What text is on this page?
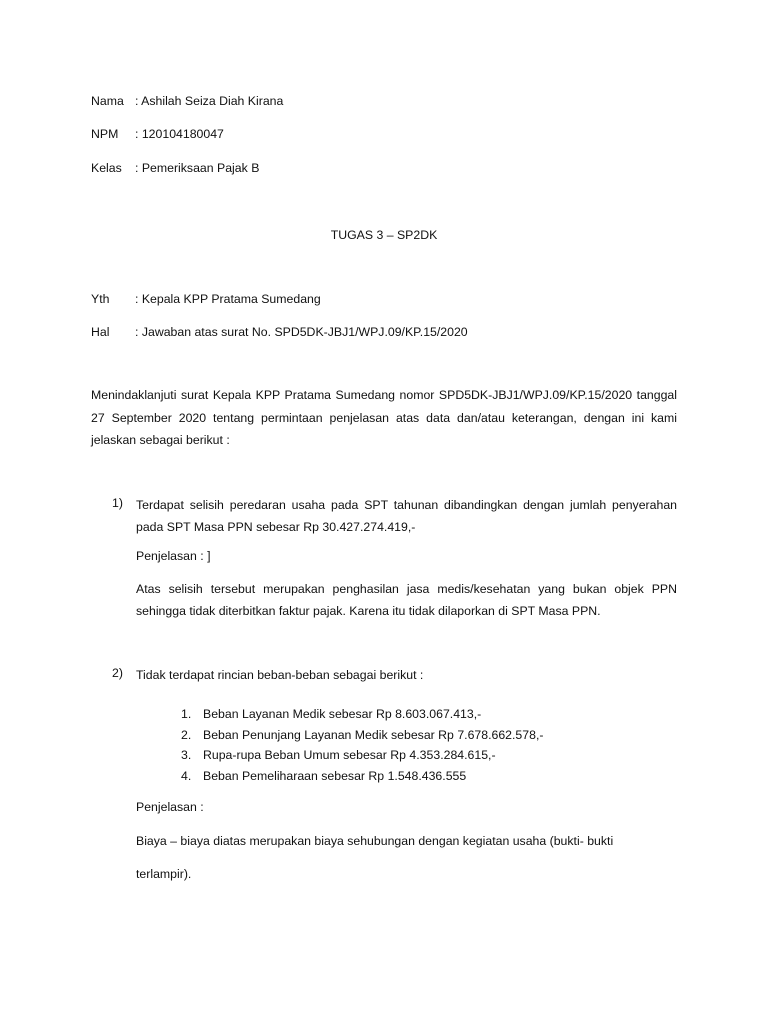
Nama : Ashilah Seiza Diah Kirana
NPM : 120104180047
Kelas : Pemeriksaan Pajak B
TUGAS 3 – SP2DK
Yth : Kepala KPP Pratama Sumedang
Hal : Jawaban atas surat No. SPD5DK-JBJ1/WPJ.09/KP.15/2020
Menindaklanjuti surat Kepala KPP Pratama Sumedang nomor SPD5DK-JBJ1/WPJ.09/KP.15/2020 tanggal 27 September 2020 tentang permintaan penjelasan atas data dan/atau keterangan, dengan ini kami jelaskan sebagai berikut :
1) Terdapat selisih peredaran usaha pada SPT tahunan dibandingkan dengan jumlah penyerahan pada SPT Masa PPN sebesar Rp 30.427.274.419,-
Penjelasan : ]
Atas selisih tersebut merupakan penghasilan jasa medis/kesehatan yang bukan objek PPN sehingga tidak diterbitkan faktur pajak. Karena itu tidak dilaporkan di SPT Masa PPN.
2) Tidak terdapat rincian beban-beban sebagai berikut :
1. Beban Layanan Medik sebesar Rp 8.603.067.413,-
2. Beban Penunjang Layanan Medik sebesar Rp 7.678.662.578,-
3. Rupa-rupa Beban Umum sebesar Rp 4.353.284.615,-
4. Beban Pemeliharaan sebesar Rp 1.548.436.555
Penjelasan :
Biaya – biaya diatas merupakan biaya sehubungan dengan kegiatan usaha (bukti- bukti
terlampir).
